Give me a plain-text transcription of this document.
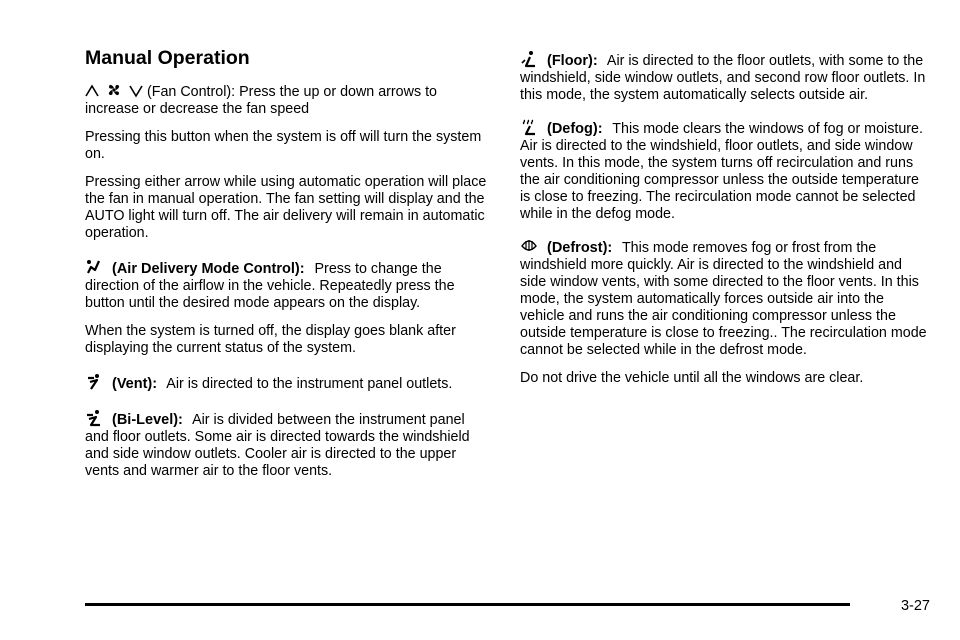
Manual Operation

(Fan Control): Press the up or down arrows to increase or decrease the fan speed

Pressing this button when the system is off will turn the system on.

Pressing either arrow while using automatic operation will place the fan in manual operation. The fan setting will display and the AUTO light will turn off. The air delivery will remain in automatic operation.

(Air Delivery Mode Control): Press to change the direction of the airflow in the vehicle. Repeatedly press the button until the desired mode appears on the display.

When the system is turned off, the display goes blank after displaying the current status of the system.

(Vent): Air is directed to the instrument panel outlets.

(Bi-Level): Air is divided between the instrument panel and floor outlets. Some air is directed towards the windshield and side window outlets. Cooler air is directed to the upper vents and warmer air to the floor vents.

(Floor): Air is directed to the floor outlets, with some to the windshield, side window outlets, and second row floor outlets. In this mode, the system automatically selects outside air.

(Defog): This mode clears the windows of fog or moisture. Air is directed to the windshield, floor outlets, and side window vents. In this mode, the system turns off recirculation and runs the air conditioning compressor unless the outside temperature is close to freezing. The recirculation mode cannot be selected while in the defog mode.

(Defrost): This mode removes fog or frost from the windshield more quickly. Air is directed to the windshield and side window vents, with some directed to the floor vents. In this mode, the system automatically forces outside air into the vehicle and runs the air conditioning compressor unless the outside temperature is close to freezing.. The recirculation mode cannot be selected while in the defrost mode.

Do not drive the vehicle until all the windows are clear.

3-27
